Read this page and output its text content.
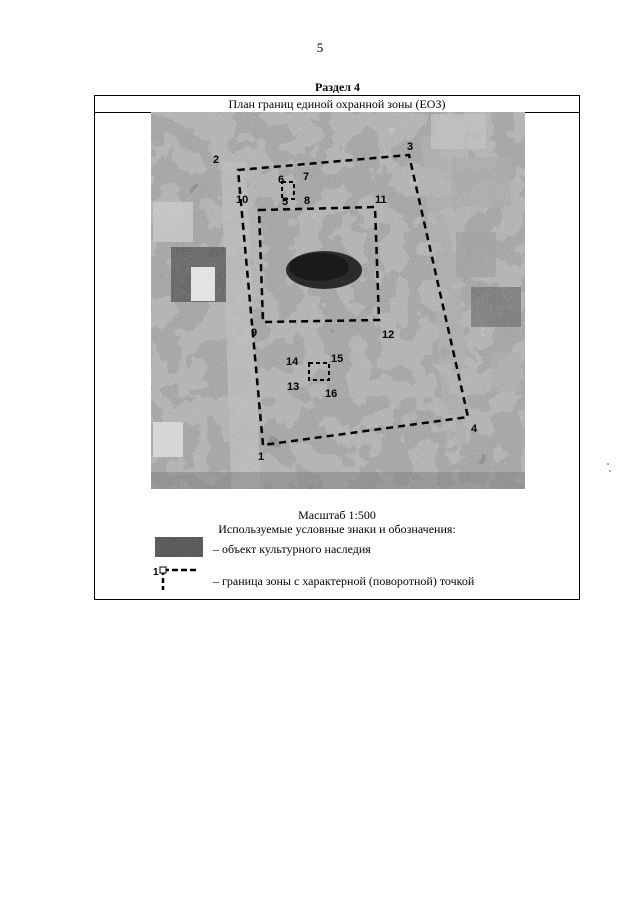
5
Раздел 4
План границ единой охранной зоны (ЕОЗ)
1
2
3
4
5
6 7
8
9
10	11
12
13
14	15
16
Масштаб 1:500
Используемые условные знаки и обозначения:
– объект культурного наследия
1
– граница зоны с характерной (поворотной) точкой
